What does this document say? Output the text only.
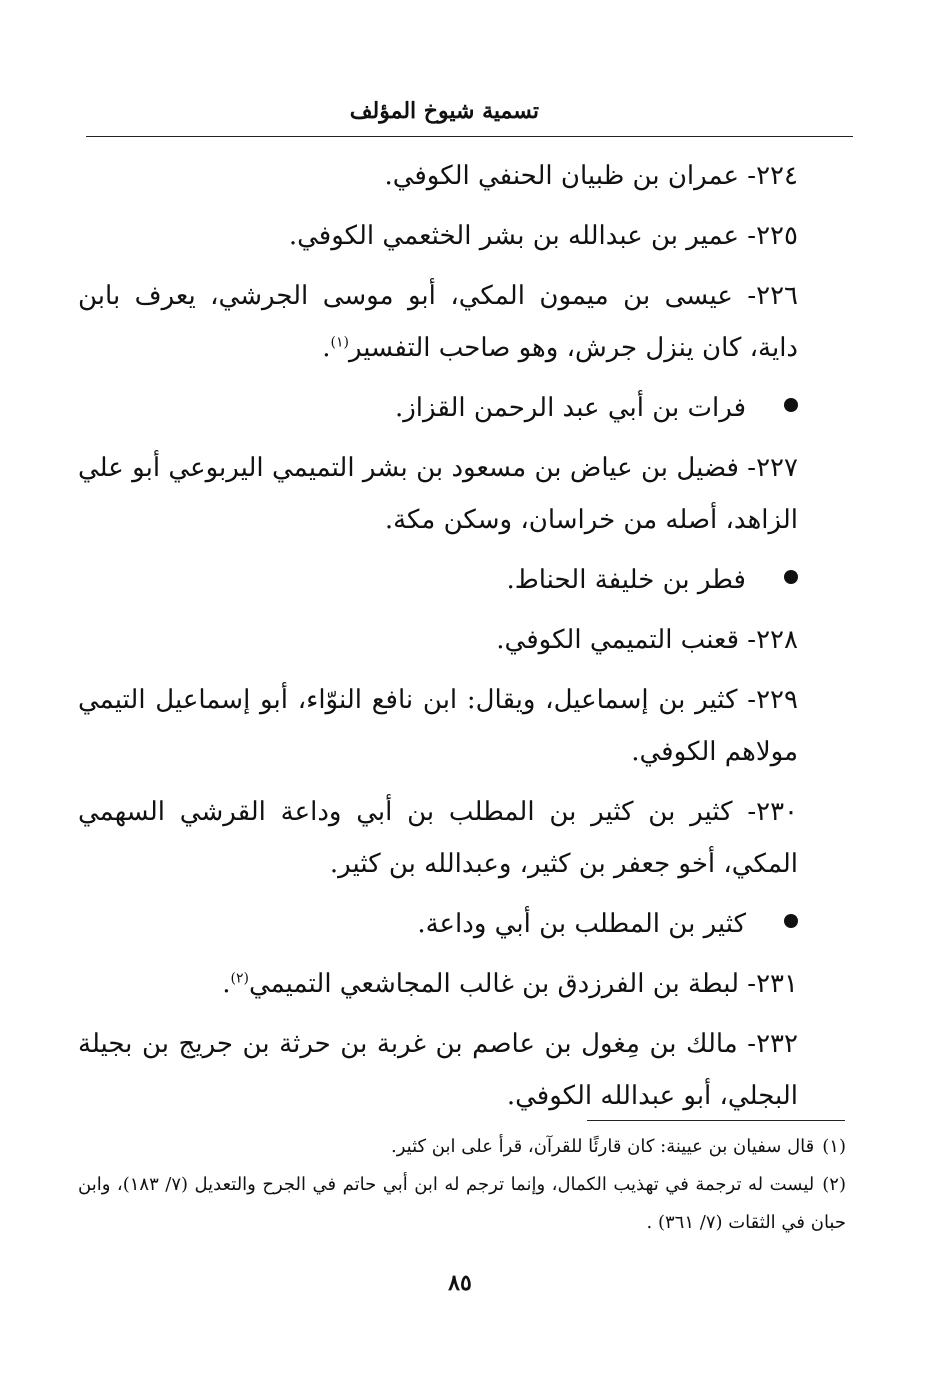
تسمية شيوخ المؤلف

٢٢٤- عمران بن ظبيان الحنفي الكوفي.

٢٢٥- عمير بن عبدالله بن بشر الخثعمي الكوفي.

٢٢٦- عيسى بن ميمون المكي، أبو موسى الجرشي، يعرف بابن داية، كان ينزل جرش، وهو صاحب التفسير$^{(١)}$.

فرات بن أبي عبد الرحمن القزاز.

٢٢٧- فضيل بن عياض بن مسعود بن بشر التميمي اليربوعي أبو علي الزاهد، أصله من خراسان، وسكن مكة.

فطر بن خليفة الحناط.

٢٢٨- قعنب التميمي الكوفي.

٢٢٩- كثير بن إسماعيل، ويقال: ابن نافع النوّاء، أبو إسماعيل التيمي مولاهم الكوفي.

٢٣٠- كثير بن كثير بن المطلب بن أبي وداعة القرشي السهمي المكي، أخو جعفر بن كثير، وعبدالله بن كثير.

كثير بن المطلب بن أبي وداعة.

٢٣١- لبطة بن الفرزدق بن غالب المجاشعي التميمي$^{(٢)}$.

٢٣٢- مالك بن مِغول بن عاصم بن غربة بن حرثة بن جريج بن بجيلة البجلي، أبو عبدالله الكوفي.

(١)قال سفيان بن عيينة: كان قارئًا للقرآن، قرأ على ابن كثير.

(٢)ليست له ترجمة في تهذيب الكمال، وإنما ترجم له ابن أبي حاتم في الجرح والتعديل (٧/ ١٨٣)، وابن حبان في الثقات (٧/ ٣٦١) .

٨٥
